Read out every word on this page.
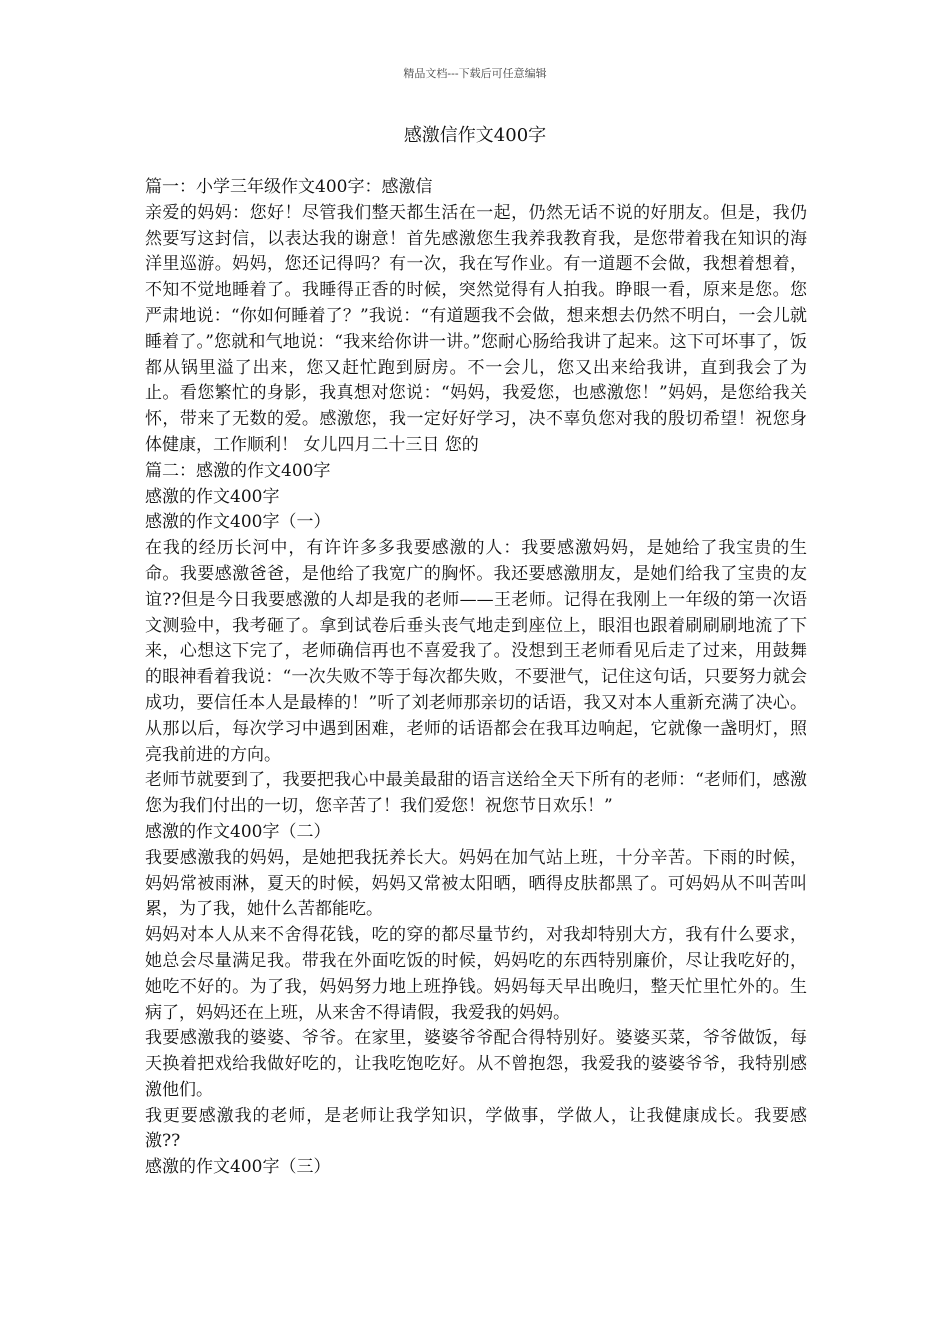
精品文档---下载后可任意编辑
感激信作文400字

篇一：小学三年级作文400字：感激信

亲爱的妈妈：您好！尽管我们整天都生活在一起，仍然无话不说的好朋友。但是，我仍然要写这封信，以表达我的谢意！首先感激您生我养我教育我，是您带着我在知识的海洋里巡游。妈妈，您还记得吗？有一次，我在写作业。有一道题不会做，我想着想着，不知不觉地睡着了。我睡得正香的时候，突然觉得有人拍我。睁眼一看，原来是您。您严肃地说：“你如何睡着了？”我说：“有道题我不会做，想来想去仍然不明白，一会儿就睡着了。”您就和气地说：“我来给你讲一讲。”您耐心肠给我讲了起来。这下可坏事了，饭都从锅里溢了出来，您又赶忙跑到厨房。不一会儿，您又出来给我讲，直到我会了为止。看您繁忙的身影，我真想对您说：“妈妈，我爱您，也感激您！”妈妈，是您给我关怀，带来了无数的爱。感激您，我一定好好学习，决不辜负您对我的殷切希望！祝您身体健康，工作顺利！ 女儿四月二十三日 您的

篇二：感激的作文400字

感激的作文400字

感激的作文400字（一）

在我的经历长河中，有许许多多我要感激的人：我要感激妈妈，是她给了我宝贵的生命。我要感激爸爸，是他给了我宽广的胸怀。我还要感激朋友，是她们给我了宝贵的友谊??但是今日我要感激的人却是我的老师——王老师。记得在我刚上一年级的第一次语文测验中，我考砸了。拿到试卷后垂头丧气地走到座位上，眼泪也跟着刷刷刷地流了下来，心想这下完了，老师确信再也不喜爱我了。没想到王老师看见后走了过来，用鼓舞的眼神看着我说：“一次失败不等于每次都失败，不要泄气，记住这句话，只要努力就会成功，要信任本人是最棒的！”听了刘老师那亲切的话语，我又对本人重新充满了决心。从那以后，每次学习中遇到困难，老师的话语都会在我耳边响起，它就像一盏明灯，照亮我前进的方向。

老师节就要到了，我要把我心中最美最甜的语言送给全天下所有的老师：“老师们，感激您为我们付出的一切，您辛苦了！我们爱您！祝您节日欢乐！”

感激的作文400字（二）

我要感激我的妈妈，是她把我抚养长大。妈妈在加气站上班，十分辛苦。下雨的时候，妈妈常被雨淋，夏天的时候，妈妈又常被太阳晒，晒得皮肤都黑了。可妈妈从不叫苦叫累，为了我，她什么苦都能吃。

妈妈对本人从来不舍得花钱，吃的穿的都尽量节约，对我却特别大方，我有什么要求，她总会尽量满足我。带我在外面吃饭的时候，妈妈吃的东西特别廉价，尽让我吃好的，她吃不好的。为了我，妈妈努力地上班挣钱。妈妈每天早出晚归，整天忙里忙外的。生病了，妈妈还在上班，从来舍不得请假，我爱我的妈妈。

我要感激我的婆婆、爷爷。在家里，婆婆爷爷配合得特别好。婆婆买菜，爷爷做饭，每天换着把戏给我做好吃的，让我吃饱吃好。从不曾抱怨，我爱我的婆婆爷爷，我特别感激他们。

我更要感激我的老师，是老师让我学知识，学做事，学做人，让我健康成长。我要感激??

感激的作文400字（三）
